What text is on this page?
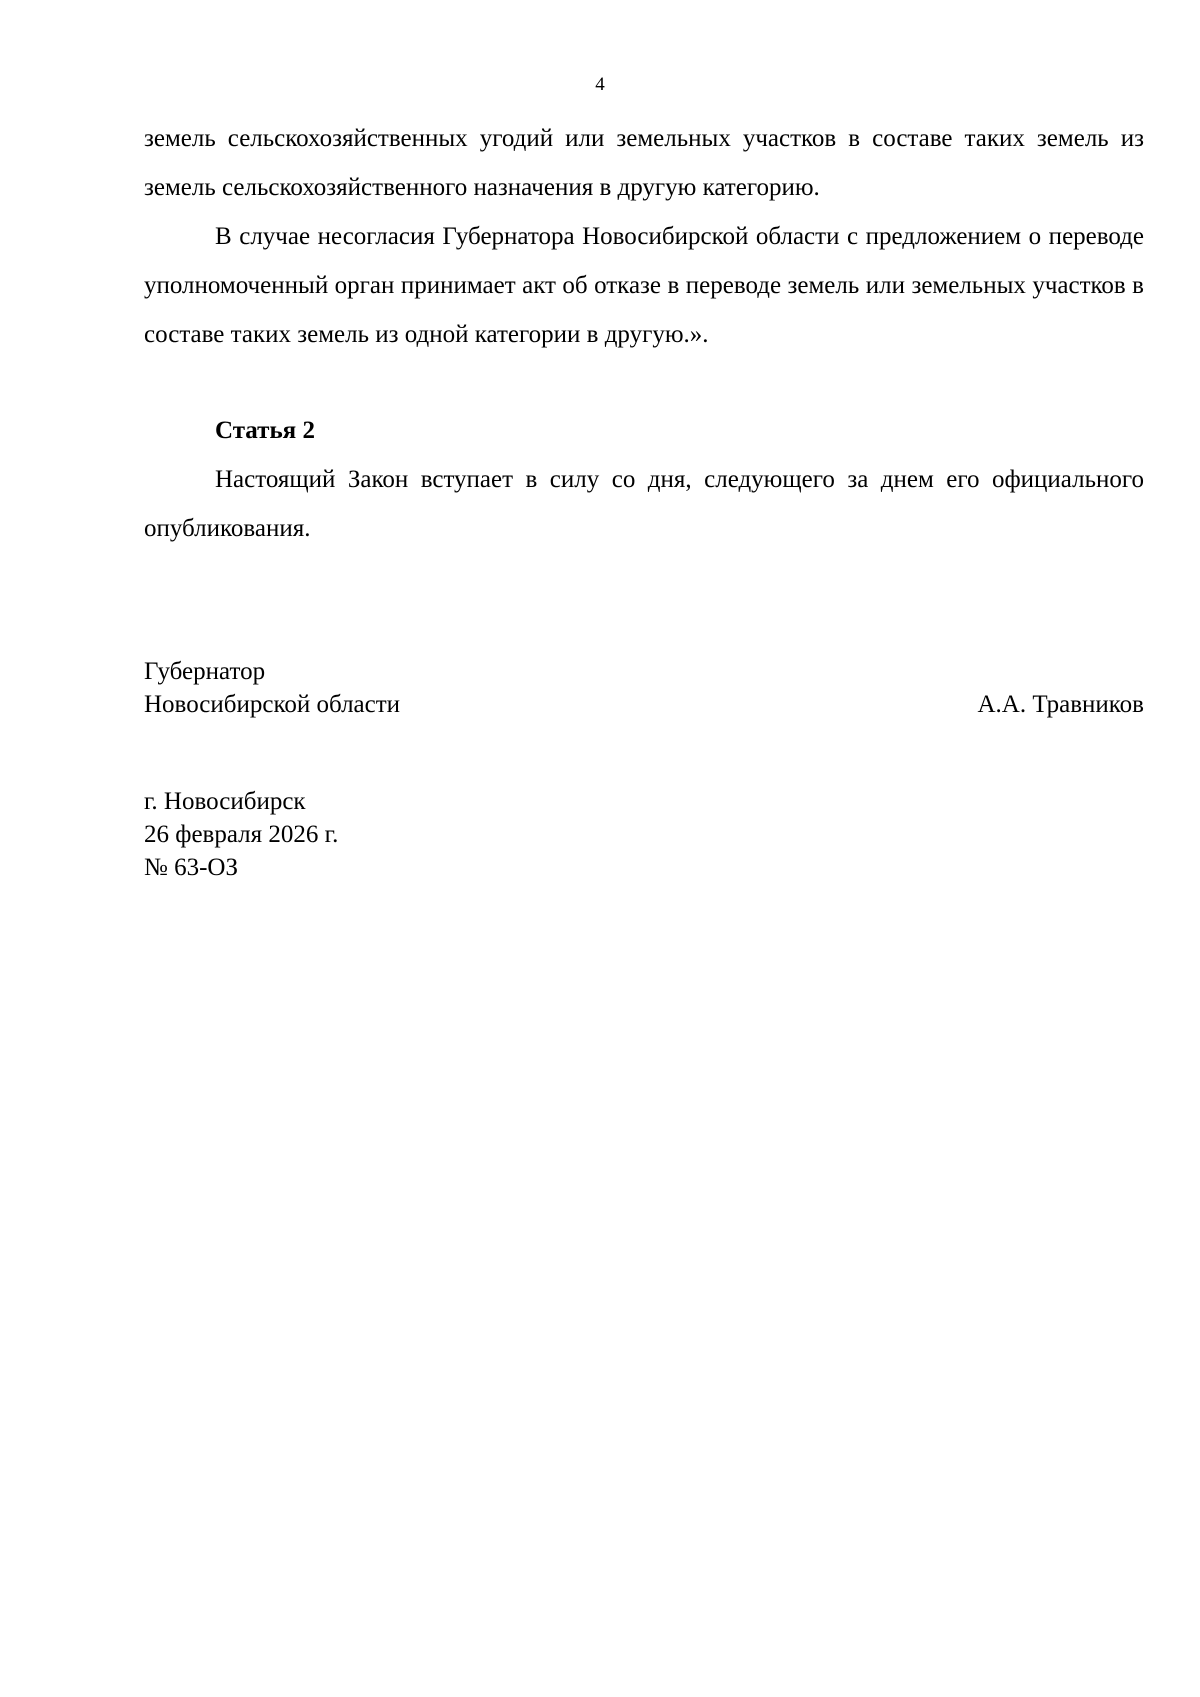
4

земель сельскохозяйственных угодий или земельных участков в составе таких земель из земель сельскохозяйственного назначения в другую категорию.

В случае несогласия Губернатора Новосибирской области с предложением о переводе уполномоченный орган принимает акт об отказе в переводе земель или земельных участков в составе таких земель из одной категории в другую.».

Статья 2

Настоящий Закон вступает в силу со дня, следующего за днем его официального опубликования.

Губернатор
Новосибирской области	А.А. Травников
г. Новосибирск
26 февраля 2026 г.
№ 63-ОЗ
